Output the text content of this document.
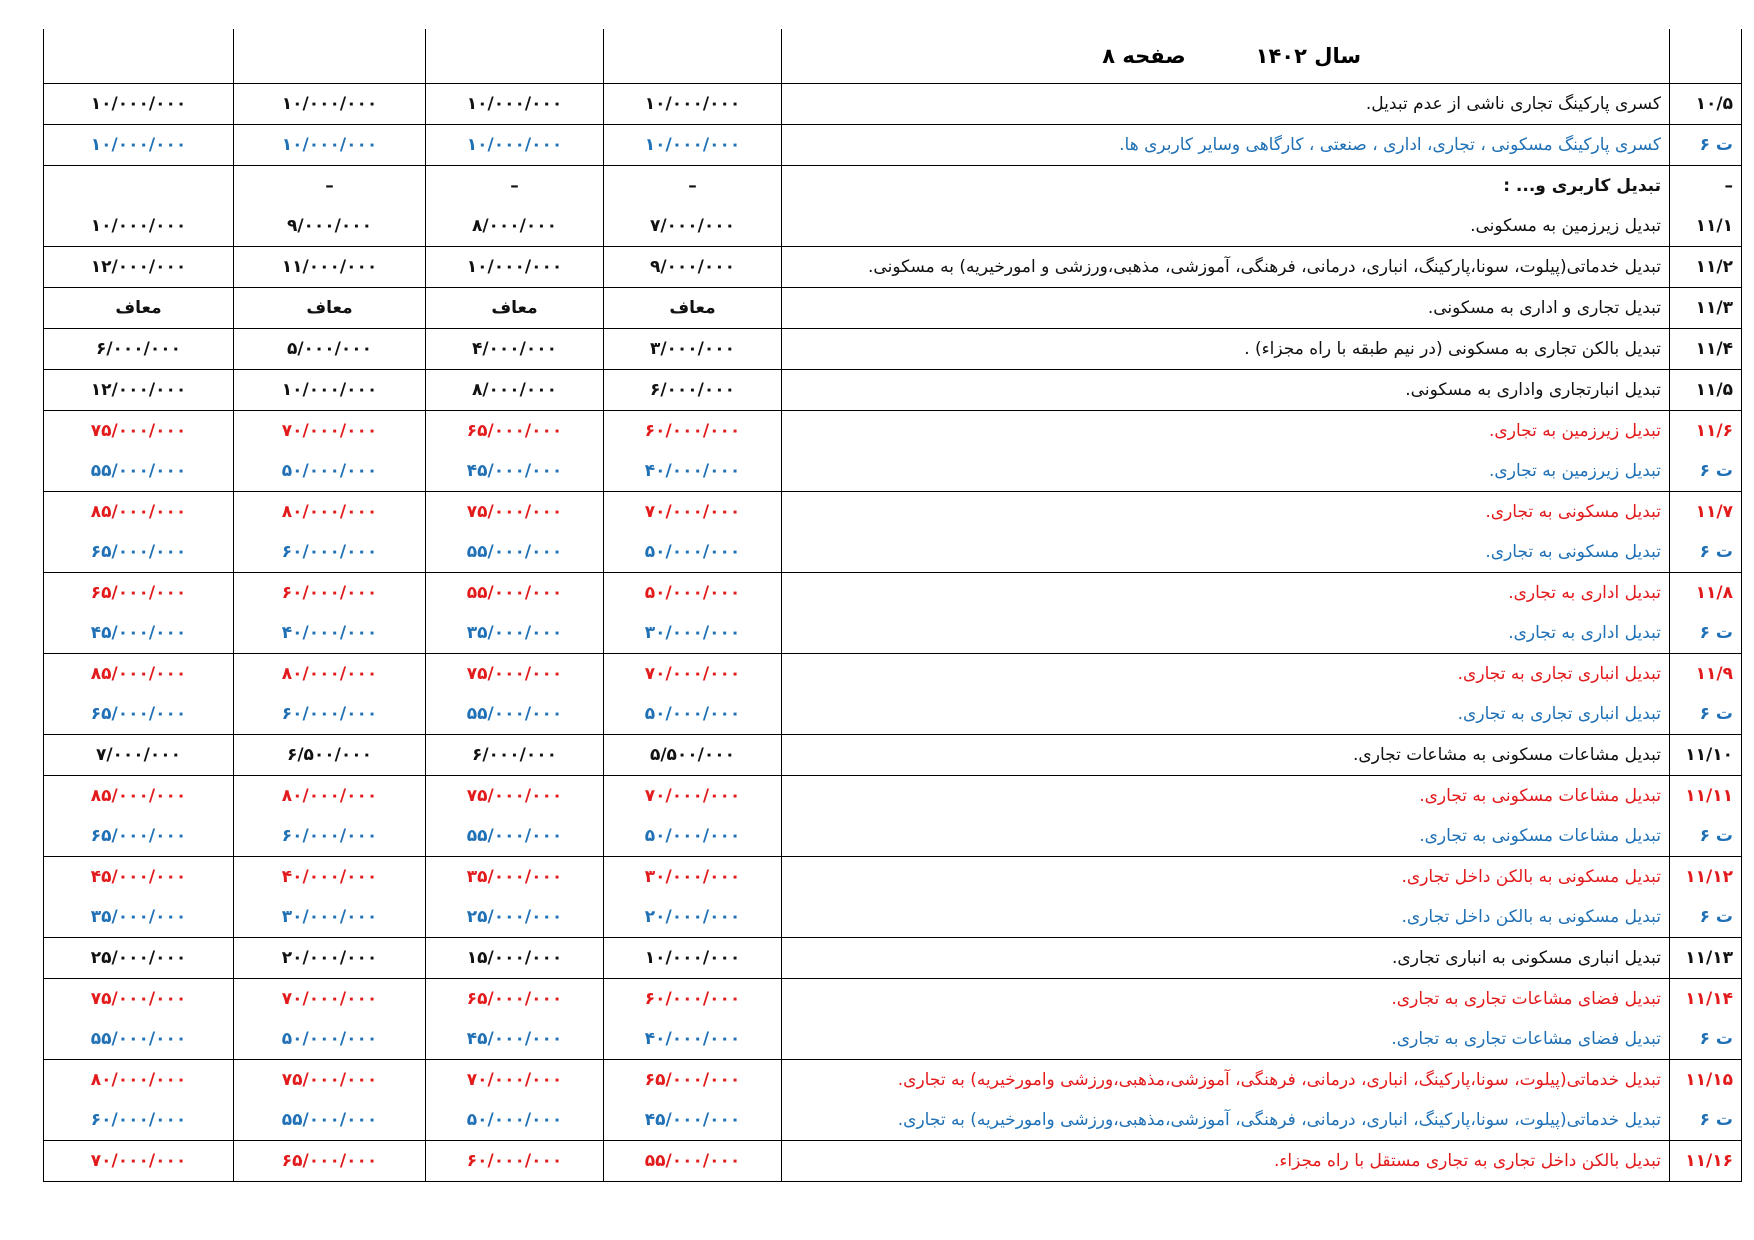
	سال ۱۴۰۲صفحه ۸				
۱۰/۵	کسری پارکینگ تجاری ناشی از عدم تبدیل.	۱۰/۰۰۰/۰۰۰	۱۰/۰۰۰/۰۰۰	۱۰/۰۰۰/۰۰۰	۱۰/۰۰۰/۰۰۰
ت ۶	کسری پارکینگ مسکونی ، تجاری، اداری ، صنعتی ، کارگاهی وسایر کاربری ها.	۱۰/۰۰۰/۰۰۰	۱۰/۰۰۰/۰۰۰	۱۰/۰۰۰/۰۰۰	۱۰/۰۰۰/۰۰۰
–	تبدیل کاربری و... :	–	–	–	
۱۱/۱	تبدیل زیرزمین به مسکونی.	۷/۰۰۰/۰۰۰	۸/۰۰۰/۰۰۰	۹/۰۰۰/۰۰۰	۱۰/۰۰۰/۰۰۰
۱۱/۲	تبدیل خدماتی(پیلوت، سونا،پارکینگ، انباری، درمانی، فرهنگی، آموزشی، مذهبی،ورزشی و امورخیریه) به مسکونی.	۹/۰۰۰/۰۰۰	۱۰/۰۰۰/۰۰۰	۱۱/۰۰۰/۰۰۰	۱۲/۰۰۰/۰۰۰
۱۱/۳	تبدیل تجاری و اداری به مسکونی.	معاف	معاف	معاف	معاف
۱۱/۴	تبدیل بالکن تجاری به مسکونی (در نیم طبقه با راه مجزاء) .	۳/۰۰۰/۰۰۰	۴/۰۰۰/۰۰۰	۵/۰۰۰/۰۰۰	۶/۰۰۰/۰۰۰
۱۱/۵	تبدیل انبارتجاری واداری به مسکونی.	۶/۰۰۰/۰۰۰	۸/۰۰۰/۰۰۰	۱۰/۰۰۰/۰۰۰	۱۲/۰۰۰/۰۰۰
۱۱/۶	تبدیل زیرزمین به تجاری.	۶۰/۰۰۰/۰۰۰	۶۵/۰۰۰/۰۰۰	۷۰/۰۰۰/۰۰۰	۷۵/۰۰۰/۰۰۰
ت ۶	تبدیل زیرزمین به تجاری.	۴۰/۰۰۰/۰۰۰	۴۵/۰۰۰/۰۰۰	۵۰/۰۰۰/۰۰۰	۵۵/۰۰۰/۰۰۰
۱۱/۷	تبدیل مسکونی به تجاری.	۷۰/۰۰۰/۰۰۰	۷۵/۰۰۰/۰۰۰	۸۰/۰۰۰/۰۰۰	۸۵/۰۰۰/۰۰۰
ت ۶	تبدیل مسکونی به تجاری.	۵۰/۰۰۰/۰۰۰	۵۵/۰۰۰/۰۰۰	۶۰/۰۰۰/۰۰۰	۶۵/۰۰۰/۰۰۰
۱۱/۸	تبدیل اداری به تجاری.	۵۰/۰۰۰/۰۰۰	۵۵/۰۰۰/۰۰۰	۶۰/۰۰۰/۰۰۰	۶۵/۰۰۰/۰۰۰
ت ۶	تبدیل اداری به تجاری.	۳۰/۰۰۰/۰۰۰	۳۵/۰۰۰/۰۰۰	۴۰/۰۰۰/۰۰۰	۴۵/۰۰۰/۰۰۰
۱۱/۹	تبدیل انباری تجاری به تجاری.	۷۰/۰۰۰/۰۰۰	۷۵/۰۰۰/۰۰۰	۸۰/۰۰۰/۰۰۰	۸۵/۰۰۰/۰۰۰
ت ۶	تبدیل انباری تجاری به تجاری.	۵۰/۰۰۰/۰۰۰	۵۵/۰۰۰/۰۰۰	۶۰/۰۰۰/۰۰۰	۶۵/۰۰۰/۰۰۰
۱۱/۱۰	تبدیل مشاعات مسکونی به مشاعات تجاری.	۵/۵۰۰/۰۰۰	۶/۰۰۰/۰۰۰	۶/۵۰۰/۰۰۰	۷/۰۰۰/۰۰۰
۱۱/۱۱	تبدیل مشاعات مسکونی به تجاری.	۷۰/۰۰۰/۰۰۰	۷۵/۰۰۰/۰۰۰	۸۰/۰۰۰/۰۰۰	۸۵/۰۰۰/۰۰۰
ت ۶	تبدیل مشاعات مسکونی به تجاری.	۵۰/۰۰۰/۰۰۰	۵۵/۰۰۰/۰۰۰	۶۰/۰۰۰/۰۰۰	۶۵/۰۰۰/۰۰۰
۱۱/۱۲	تبدیل مسکونی به بالکن داخل تجاری.	۳۰/۰۰۰/۰۰۰	۳۵/۰۰۰/۰۰۰	۴۰/۰۰۰/۰۰۰	۴۵/۰۰۰/۰۰۰
ت ۶	تبدیل مسکونی به بالکن داخل تجاری.	۲۰/۰۰۰/۰۰۰	۲۵/۰۰۰/۰۰۰	۳۰/۰۰۰/۰۰۰	۳۵/۰۰۰/۰۰۰
۱۱/۱۳	تبدیل انباری مسکونی به انباری تجاری.	۱۰/۰۰۰/۰۰۰	۱۵/۰۰۰/۰۰۰	۲۰/۰۰۰/۰۰۰	۲۵/۰۰۰/۰۰۰
۱۱/۱۴	تبدیل فضای مشاعات تجاری به تجاری.	۶۰/۰۰۰/۰۰۰	۶۵/۰۰۰/۰۰۰	۷۰/۰۰۰/۰۰۰	۷۵/۰۰۰/۰۰۰
ت ۶	تبدیل فضای مشاعات تجاری به تجاری.	۴۰/۰۰۰/۰۰۰	۴۵/۰۰۰/۰۰۰	۵۰/۰۰۰/۰۰۰	۵۵/۰۰۰/۰۰۰
۱۱/۱۵	تبدیل خدماتی(پیلوت، سونا،پارکینگ، انباری، درمانی، فرهنگی، آموزشی،مذهبی،ورزشی وامورخیریه) به تجاری.	۶۵/۰۰۰/۰۰۰	۷۰/۰۰۰/۰۰۰	۷۵/۰۰۰/۰۰۰	۸۰/۰۰۰/۰۰۰
ت ۶	تبدیل خدماتی(پیلوت، سونا،پارکینگ، انباری، درمانی، فرهنگی، آموزشی،مذهبی،ورزشی وامورخیریه) به تجاری.	۴۵/۰۰۰/۰۰۰	۵۰/۰۰۰/۰۰۰	۵۵/۰۰۰/۰۰۰	۶۰/۰۰۰/۰۰۰
۱۱/۱۶	تبدیل بالکن داخل تجاری به تجاری مستقل با راه مجزاء.	۵۵/۰۰۰/۰۰۰	۶۰/۰۰۰/۰۰۰	۶۵/۰۰۰/۰۰۰	۷۰/۰۰۰/۰۰۰
